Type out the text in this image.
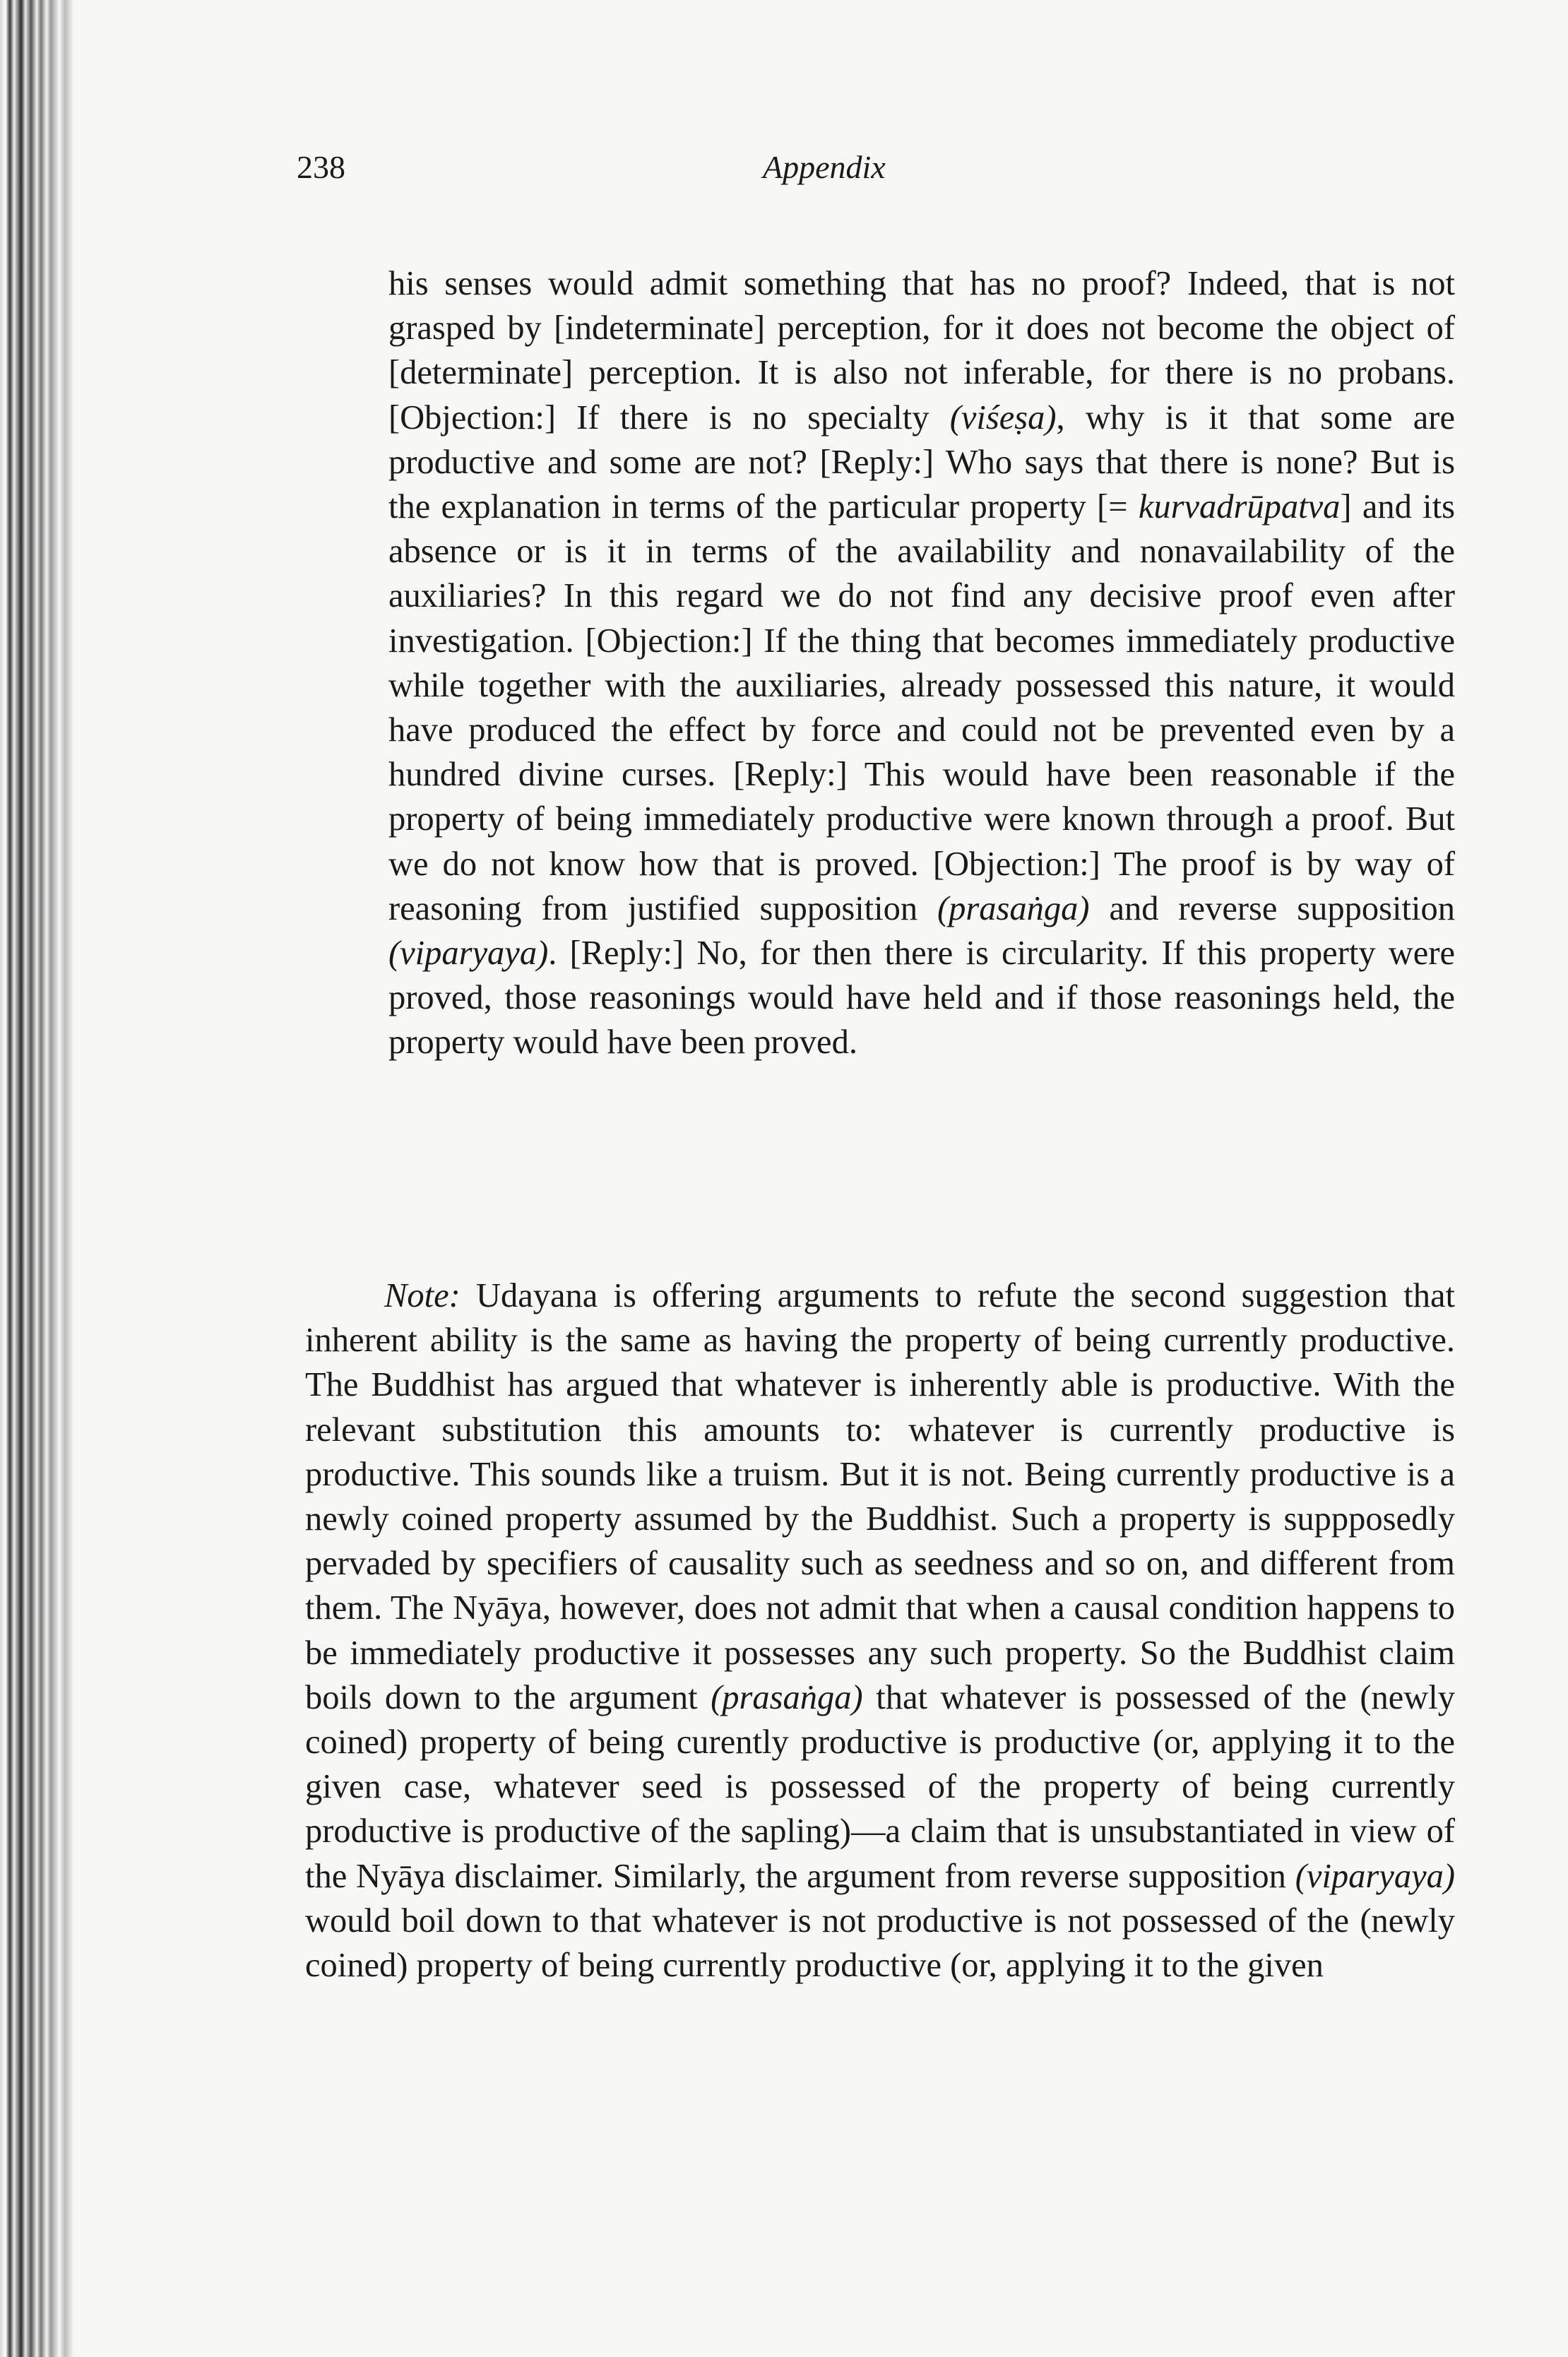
238	Appendix

his senses would admit something that has no proof? Indeed, that is not grasped by [indeterminate] perception, for it does not become the object of [determinate] perception. It is also not inferable, for there is no probans. [Objection:] If there is no specialty (viśeṣa), why is it that some are productive and some are not? [Reply:] Who says that there is none? But is the explanation in terms of the particular property [= kurvadrūpatva] and its absence or is it in terms of the availability and nonavailability of the auxiliaries? In this regard we do not find any decisive proof even after investigation. [Objection:] If the thing that becomes immediately productive while together with the auxiliaries, already possessed this nature, it would have produced the effect by force and could not be prevented even by a hundred divine curses. [Reply:] This would have been reasonable if the property of being immediately productive were known through a proof. But we do not know how that is proved. [Objection:] The proof is by way of reasoning from justified supposition (prasaṅga) and reverse supposition (viparyaya). [Reply:] No, for then there is circularity. If this property were proved, those reasonings would have held and if those reasonings held, the property would have been proved.

Note: Udayana is offering arguments to refute the second suggestion that inherent ability is the same as having the property of being currently productive. The Buddhist has argued that whatever is inherently able is productive. With the relevant substitution this amounts to: whatever is currently productive is productive. This sounds like a truism. But it is not. Being currently productive is a newly coined property assumed by the Buddhist. Such a property is suppposedly pervaded by specifiers of causality such as seedness and so on, and different from them. The Nyāya, however, does not admit that when a causal condition happens to be immediately productive it possesses any such property. So the Buddhist claim boils down to the argument (prasaṅga) that whatever is possessed of the (newly coined) property of being curently productive is productive (or, applying it to the given case, whatever seed is possessed of the property of being currently productive is productive of the sapling)—a claim that is unsubstantiated in view of the Nyāya disclaimer. Similarly, the argument from reverse supposition (viparyaya) would boil down to that whatever is not productive is not possessed of the (newly coined) property of being currently productive (or, applying it to the given
